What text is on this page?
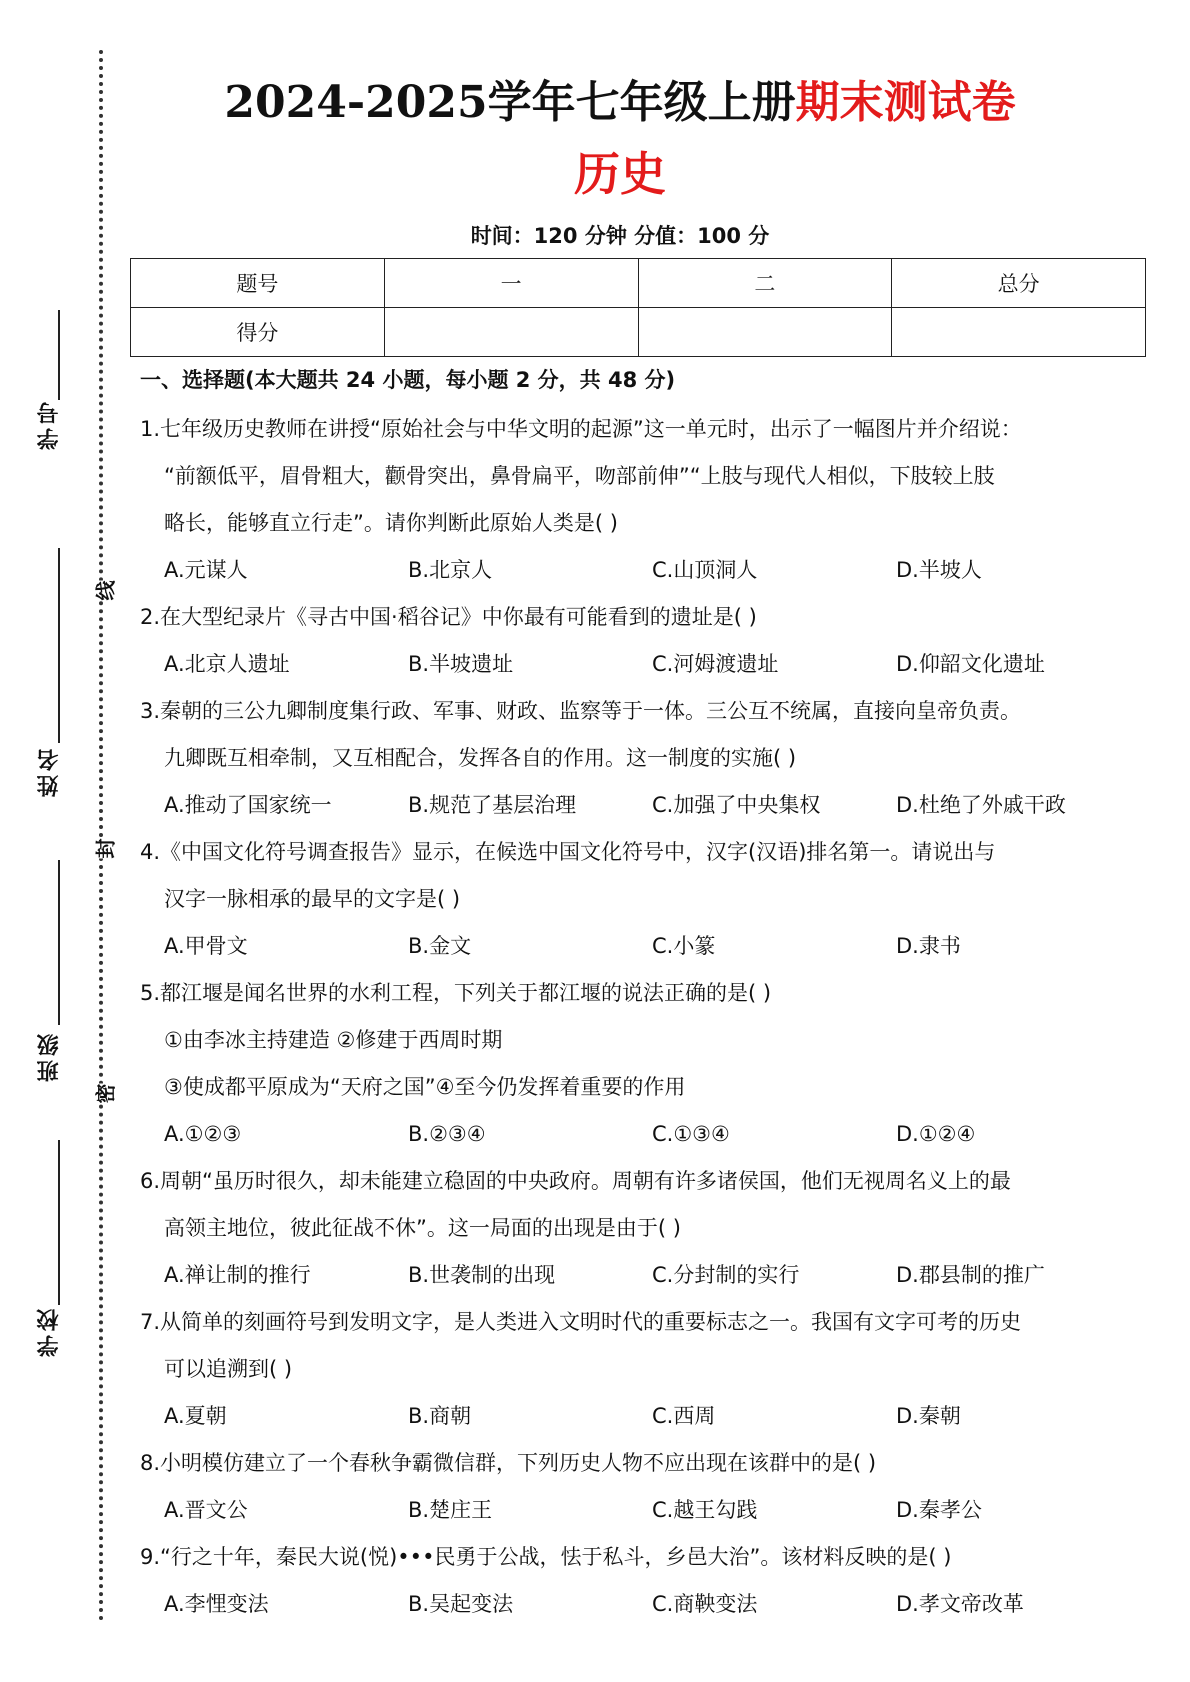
学号
姓名
班级
学校
线
封
密
2024-2025学年七年级上册期末测试卷
历史
时间：120 分钟 分值：100 分
题号	一	二	总分
得分			
一、选择题(本大题共 24 小题，每小题 2 分，共 48 分)
1.七年级历史教师在讲授“原始社会与中华文明的起源”这一单元时，出示了一幅图片并介绍说：
“前额低平，眉骨粗大，颧骨突出，鼻骨扁平，吻部前伸”“上肢与现代人相似，下肢较上肢
略长，能够直立行走”。请你判断此原始人类是( )
A.元谋人	B.北京人	C.山顶洞人	D.半坡人
2.在大型纪录片《寻古中国·稻谷记》中你最有可能看到的遗址是( )
A.北京人遗址	B.半坡遗址	C.河姆渡遗址	D.仰韶文化遗址
3.秦朝的三公九卿制度集行政、军事、财政、监察等于一体。三公互不统属，直接向皇帝负责。
九卿既互相牵制，又互相配合，发挥各自的作用。这一制度的实施( )
A.推动了国家统一	B.规范了基层治理	C.加强了中央集权	D.杜绝了外戚干政
4.《中国文化符号调查报告》显示，在候选中国文化符号中，汉字(汉语)排名第一。请说出与
汉字一脉相承的最早的文字是( )
A.甲骨文	B.金文	C.小篆	D.隶书
5.都江堰是闻名世界的水利工程，下列关于都江堰的说法正确的是( )
①由李冰主持建造 ②修建于西周时期
③使成都平原成为“天府之国”④至今仍发挥着重要的作用
A.①②③	B.②③④	C.①③④	D.①②④
6.周朝“虽历时很久，却未能建立稳固的中央政府。周朝有许多诸侯国，他们无视周名义上的最
高领主地位，彼此征战不休”。这一局面的出现是由于( )
A.禅让制的推行	B.世袭制的出现	C.分封制的实行	D.郡县制的推广
7.从简单的刻画符号到发明文字，是人类进入文明时代的重要标志之一。我国有文字可考的历史
可以追溯到( )
A.夏朝	B.商朝	C.西周	D.秦朝
8.小明模仿建立了一个春秋争霸微信群，下列历史人物不应出现在该群中的是( )
A.晋文公	B.楚庄王	C.越王勾践	D.秦孝公
9.“行之十年，秦民大说(悦)•••民勇于公战，怯于私斗，乡邑大治”。该材料反映的是( )
A.李悝变法	B.吴起变法	C.商鞅变法	D.孝文帝改革
